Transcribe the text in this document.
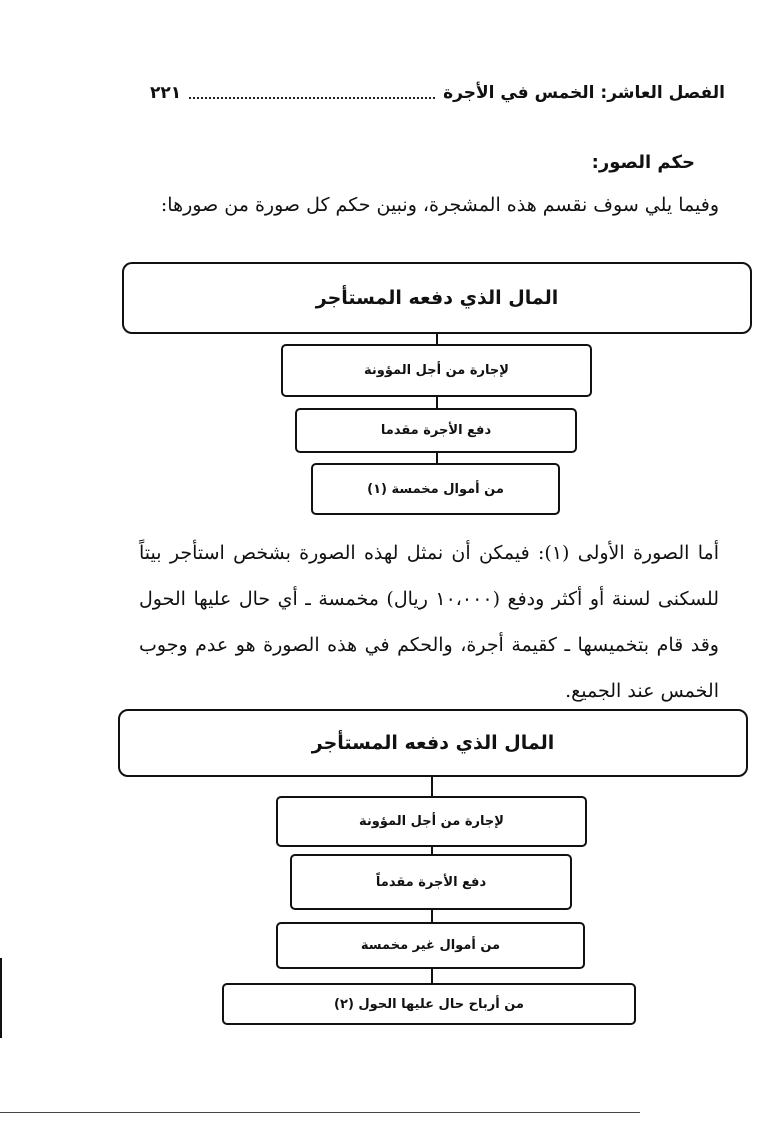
الفصل العاشر: الخمس في الأجرة
٢٢١
حكم الصور:
وفيما يلي سوف نقسم هذه المشجرة، ونبين حكم كل صورة من صورها:
المال الذي دفعه المستأجر
لإجارة من أجل المؤونة
دفع الأجرة مقدما
من أموال مخمسة (١)
أما الصورة الأولى (١): فيمكن أن نمثل لهذه الصورة بشخص استأجر بيتاً للسكنى لسنة أو أكثر ودفع (١٠،٠٠٠ ريال) مخمسة ـ أي حال عليها الحول وقد قام بتخميسها ـ كقيمة أجرة، والحكم في هذه الصورة هو عدم وجوب الخمس عند الجميع.
المال الذي دفعه المستأجر
لإجارة من أجل المؤونة
دفع الأجرة مقدماً
من أموال غير مخمسة
من أرباح حال عليها الحول (٢)
